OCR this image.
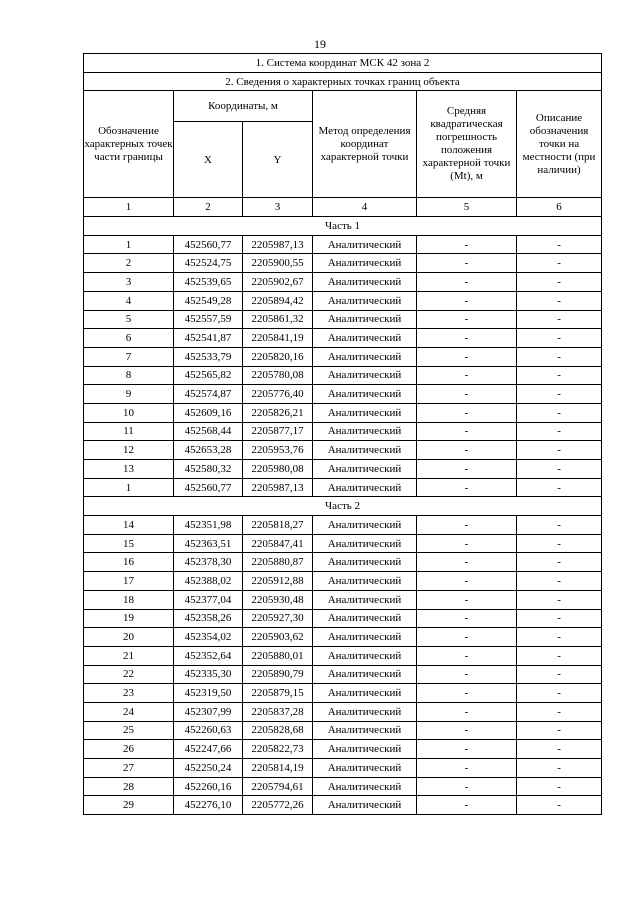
19
1. Система координат МСК 42 зона 2					
2. Сведения о характерных точках границ объекта					
Обозначение характерных точек части границы	Координаты, м		Метод определения координат характерной точки	Средняя квадратическая погрешность положения характерной точки (Mt), м	Описание обозначения точки на местности (при наличии)
	X	Y			
1	2	3	4	5	6
Часть 1					
1	452560,77	2205987,13	Аналитический	-	-
2	452524,75	2205900,55	Аналитический	-	-
3	452539,65	2205902,67	Аналитический	-	-
4	452549,28	2205894,42	Аналитический	-	-
5	452557,59	2205861,32	Аналитический	-	-
6	452541,87	2205841,19	Аналитический	-	-
7	452533,79	2205820,16	Аналитический	-	-
8	452565,82	2205780,08	Аналитический	-	-
9	452574,87	2205776,40	Аналитический	-	-
10	452609,16	2205826,21	Аналитический	-	-
11	452568,44	2205877,17	Аналитический	-	-
12	452653,28	2205953,76	Аналитический	-	-
13	452580,32	2205980,08	Аналитический	-	-
1	452560,77	2205987,13	Аналитический	-	-
Часть 2					
14	452351,98	2205818,27	Аналитический	-	-
15	452363,51	2205847,41	Аналитический	-	-
16	452378,30	2205880,87	Аналитический	-	-
17	452388,02	2205912,88	Аналитический	-	-
18	452377,04	2205930,48	Аналитический	-	-
19	452358,26	2205927,30	Аналитический	-	-
20	452354,02	2205903,62	Аналитический	-	-
21	452352,64	2205880,01	Аналитический	-	-
22	452335,30	2205890,79	Аналитический	-	-
23	452319,50	2205879,15	Аналитический	-	-
24	452307,99	2205837,28	Аналитический	-	-
25	452260,63	2205828,68	Аналитический	-	-
26	452247,66	2205822,73	Аналитический	-	-
27	452250,24	2205814,19	Аналитический	-	-
28	452260,16	2205794,61	Аналитический	-	-
29	452276,10	2205772,26	Аналитический	-	-
